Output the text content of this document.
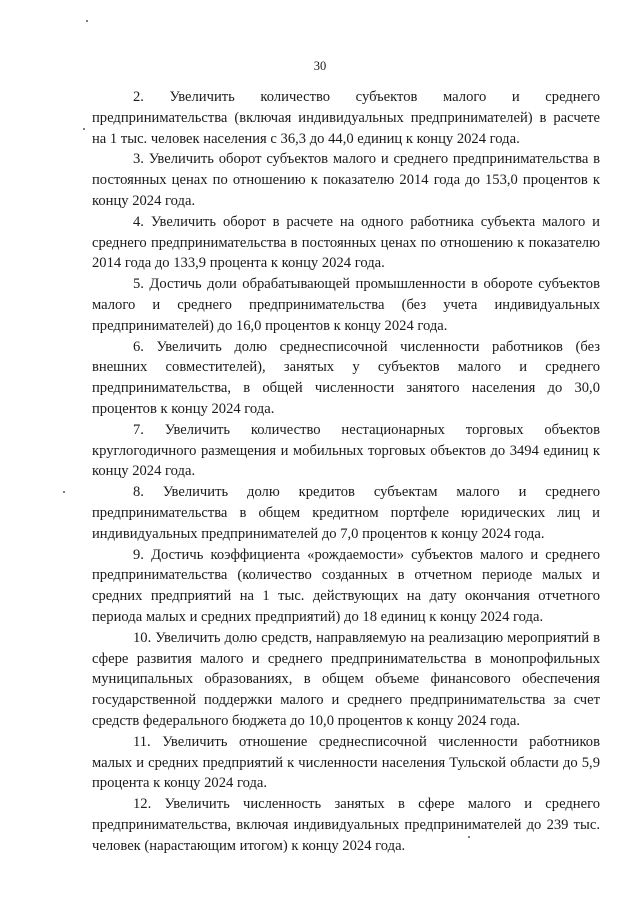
30

2. Увеличить количество субъектов малого и среднего предпринимательства (включая индивидуальных предпринимателей) в расчете на 1 тыс. человек населения с 36,3 до 44,0 единиц к концу 2024 года.

3. Увеличить оборот субъектов малого и среднего предпринимательства в постоянных ценах по отношению к показателю 2014 года до 153,0 процентов к концу 2024 года.

4. Увеличить оборот в расчете на одного работника субъекта малого и среднего предпринимательства в постоянных ценах по отношению к показателю 2014 года до 133,9 процента к концу 2024 года.

5. Достичь доли обрабатывающей промышленности в обороте субъектов малого и среднего предпринимательства (без учета индивидуальных предпринимателей) до 16,0 процентов к концу 2024 года.

6. Увеличить долю среднесписочной численности работников (без внешних совместителей), занятых у субъектов малого и среднего предпринимательства, в общей численности занятого населения до 30,0 процентов к концу 2024 года.

7. Увеличить количество нестационарных торговых объектов круглогодичного размещения и мобильных торговых объектов до 3494 единиц к концу 2024 года.

8. Увеличить долю кредитов субъектам малого и среднего предпринимательства в общем кредитном портфеле юридических лиц и индивидуальных предпринимателей до 7,0 процентов к концу 2024 года.

9. Достичь коэффициента «рождаемости» субъектов малого и среднего предпринимательства (количество созданных в отчетном периоде малых и средних предприятий на 1 тыс. действующих на дату окончания отчетного периода малых и средних предприятий) до 18 единиц к концу 2024 года.

10. Увеличить долю средств, направляемую на реализацию мероприятий в сфере развития малого и среднего предпринимательства в монопрофильных муниципальных образованиях, в общем объеме финансового обеспечения государственной поддержки малого и среднего предпринимательства за счет средств федерального бюджета до 10,0 процентов к концу 2024 года.

11. Увеличить отношение среднесписочной численности работников малых и средних предприятий к численности населения Тульской области до 5,9 процента к концу 2024 года.

12. Увеличить численность занятых в сфере малого и среднего предпринимательства, включая индивидуальных предпринимателей до 239 тыс. человек (нарастающим итогом) к концу 2024 года.
